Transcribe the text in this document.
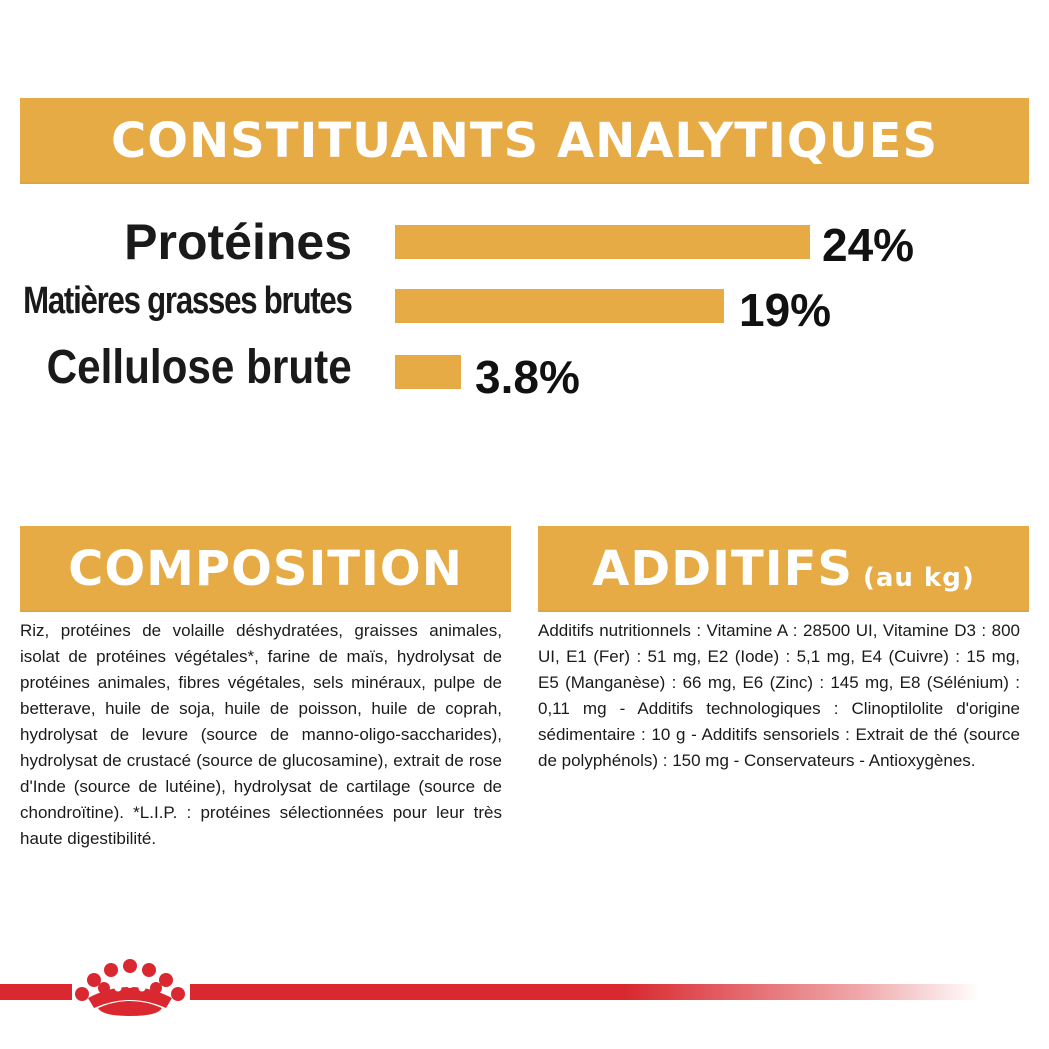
CONSTITUANTS ANALYTIQUES
Protéines	24%
Matières grasses brutes	19%
Cellulose brute	3.8%
COMPOSITION	ADDITIFS (au kg)
Riz, protéines de volaille déshydratées, graisses animales, isolat de protéines végétales*, farine de maïs, hydrolysat de protéines animales, fibres végétales, sels minéraux, pulpe de betterave, huile de soja, huile de poisson, huile de coprah, hydrolysat de levure (source de manno-oligo-saccharides), hydrolysat de crustacé (source de glucosamine), extrait de rose d'Inde (source de lutéine), hydrolysat de cartilage (source de chondroïtine). *L.I.P. : protéines sélectionnées pour leur très haute digestibilité.
Additifs nutritionnels : Vitamine A : 28500 UI, Vitamine D3 : 800 UI, E1 (Fer) : 51 mg, E2 (Iode) : 5,1 mg, E4 (Cuivre) : 15 mg, E5 (Manganèse) : 66 mg, E6 (Zinc) : 145 mg, E8 (Sélénium) : 0,11 mg - Additifs technologiques : Clinoptilolite d'origine sédimentaire : 10 g - Additifs sensoriels : Extrait de thé (source de polyphénols) : 150 mg - Conservateurs - Antioxygènes.
